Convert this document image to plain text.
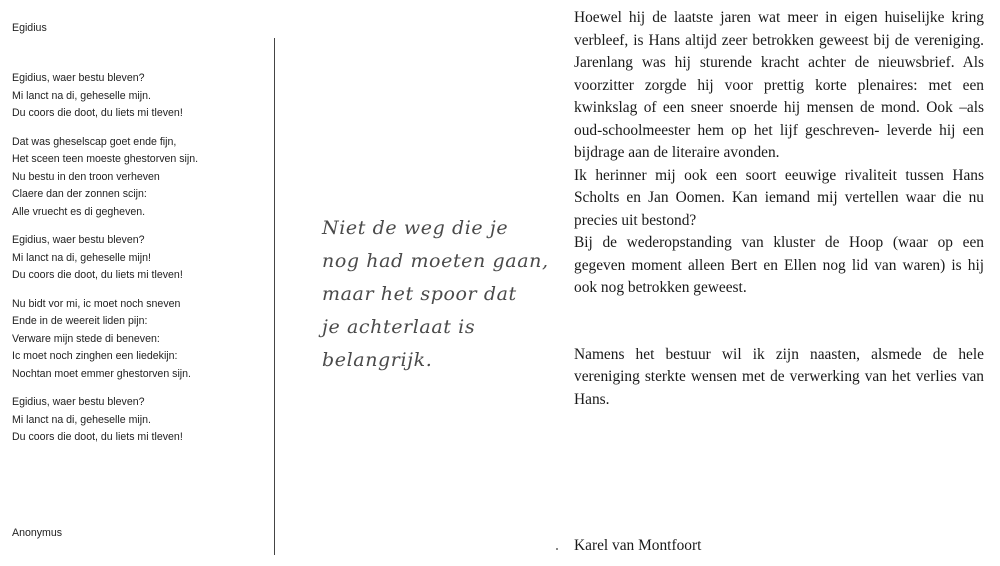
Egidius
Egidius, waer bestu bleven?
Mi lanct na di, geheselle mijn.
Du coors die doot, du liets mi tleven!
Dat was gheselscap goet ende fijn,
Het sceen teen moeste ghestorven sijn.
Nu bestu in den troon verheven
Claere dan der zonnen scijn:
Alle vruecht es di gegheven.
Egidius, waer bestu bleven?
Mi lanct na di, geheselle mijn!
Du coors die doot, du liets mi tleven!
Nu bidt vor mi, ic moet noch sneven
Ende in de weereit liden pijn:
Verware mijn stede di beneven:
Ic moet noch zinghen een liedekijn:
Nochtan moet emmer ghestorven sijn.
Egidius, waer bestu bleven?
Mi lanct na di, geheselle mijn.
Du coors die doot, du liets mi tleven!
Anonymus
Niet de weg die je
nog had moeten gaan,
maar het spoor dat
je achterlaat is
belangrijk.

Hoewel hij de laatste jaren wat meer in eigen huiselijke kring verbleef, is Hans altijd zeer betrokken geweest bij de vereniging. Jarenlang was hij sturende kracht achter de nieuwsbrief. Als voorzitter zorgde hij voor prettig korte plenaires: met een kwinkslag of een sneer snoerde hij mensen de mond. Ook –als oud-schoolmeester hem op het lijf geschreven- leverde hij een bijdrage aan de literaire avonden.

Ik herinner mij ook een soort eeuwige rivaliteit tussen Hans Scholts en Jan Oomen. Kan iemand mij vertellen waar die nu precies uit bestond?

Bij de wederopstanding van kluster de Hoop (waar op een gegeven moment alleen Bert en Ellen nog lid van waren) is hij ook nog betrokken geweest.

Namens het bestuur wil ik zijn naasten, alsmede de hele vereniging sterkte wensen met de verwerking van het verlies van Hans.

Karel van Montfoort
